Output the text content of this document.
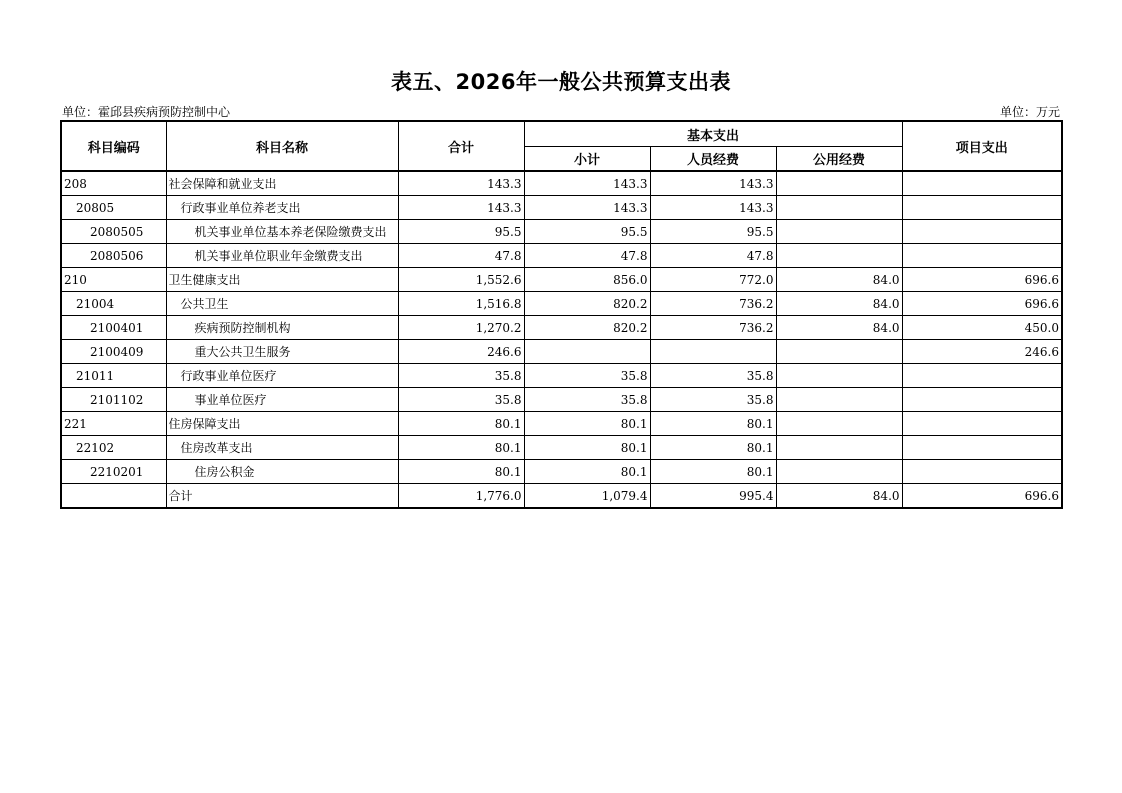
表五、2026年一般公共预算支出表
单位：霍邱县疾病预防控制中心	单位：万元
科目编码	科目名称	合计	基本支出			项目支出
			小计	人员经费	公用经费	
208	社会保障和就业支出	143.3	143.3	143.3		
20805	行政事业单位养老支出	143.3	143.3	143.3		
2080505	机关事业单位基本养老保险缴费支出	95.5	95.5	95.5		
2080506	机关事业单位职业年金缴费支出	47.8	47.8	47.8		
210	卫生健康支出	1,552.6	856.0	772.0	84.0	696.6
21004	公共卫生	1,516.8	820.2	736.2	84.0	696.6
2100401	疾病预防控制机构	1,270.2	820.2	736.2	84.0	450.0
2100409	重大公共卫生服务	246.6				246.6
21011	行政事业单位医疗	35.8	35.8	35.8		
2101102	事业单位医疗	35.8	35.8	35.8		
221	住房保障支出	80.1	80.1	80.1		
22102	住房改革支出	80.1	80.1	80.1		
2210201	住房公积金	80.1	80.1	80.1		
	合计	1,776.0	1,079.4	995.4	84.0	696.6
